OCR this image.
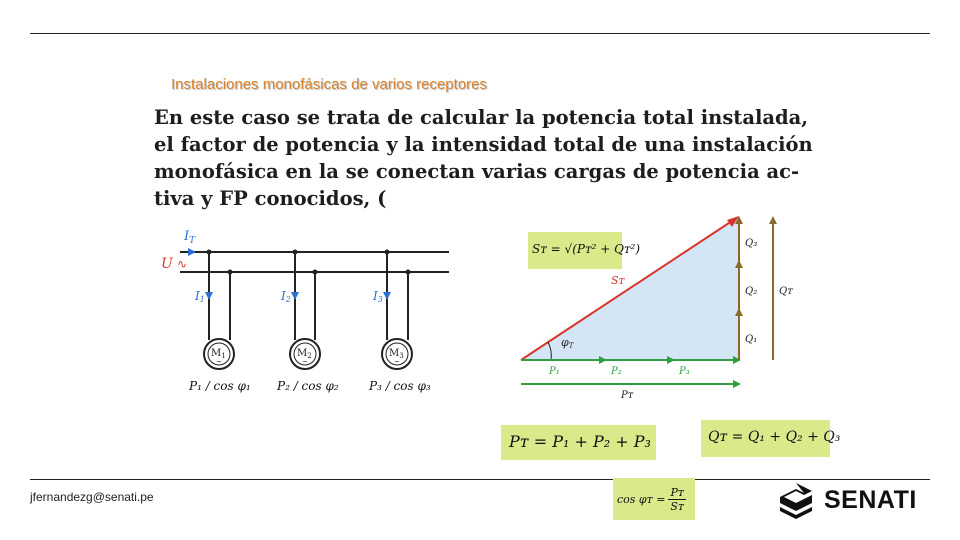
Instalaciones monofásicas de varios receptores
En este caso se trata de calcular la potencia total instalada,
el factor de potencia y la intensidad total de una instalación
monofásica en la se conectan varias cargas de potencia ac-
tiva y FP conocidos, (
∿
$I_T$
U
I1	I2	I3
$M_1$	$M_2$	$M_3$
~	~	~
P₁ / cos φ₁ P₂ / cos φ₂	P₃ / cos φ₃
Sᴛ
φT
P₁	P₂	P₃
Pᴛ
Q₃
Q₂
Q₁
Qᴛ
Sᴛ = √(Pᴛ² + Qᴛ²)
Pᴛ = P₁ + P₂ + P₃	Qᴛ = Q₁ + Q₂ + Q₃
cos φᴛ = $\frac{\text{Pᴛ}}{\text{Sᴛ}}$
jfernandezg@senati.pe	SENATI
